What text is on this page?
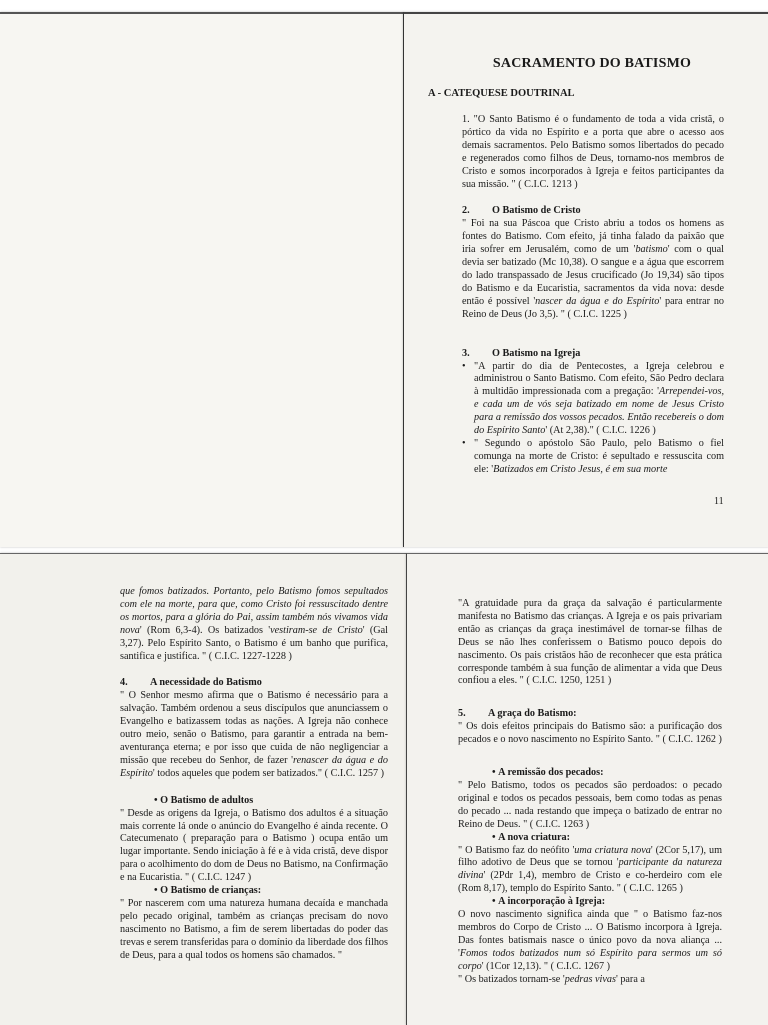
SACRAMENTO DO BATISMO
A - CATEQUESE DOUTRINAL

1. "O Santo Batismo é o fundamento de toda a vida cristã, o pórtico da vida no Espírito e a porta que abre o acesso aos demais sacramentos. Pelo Batismo somos libertados do pecado e regenerados como filhos de Deus, tornamo-nos membros de Cristo e somos incorporados à Igreja e feitos participantes da sua missão. " ( C.I.C. 1213 )

2. O Batismo de Cristo

" Foi na sua Páscoa que Cristo abriu a todos os homens as fontes do Batismo. Com efeito, já tinha falado da paixão que iria sofrer em Jerusalém, como de um 'batismo' com o qual devia ser batizado (Mc 10,38). O sangue e a água que escorrem do lado transpassado de Jesus crucificado (Jo 19,34) são tipos do Batismo e da Eucaristia, sacramentos da vida nova: desde então é possível 'nascer da água e do Espírito' para entrar no Reino de Deus (Jo 3,5). " ( C.I.C. 1225 )

3. O Batismo na Igreja

• "A partir do dia de Pentecostes, a Igreja celebrou e administrou o Santo Batismo. Com efeito, São Pedro declara à multidão impressionada com a pregação: 'Arrependei-vos, e cada um de vós seja batizado em nome de Jesus Cristo para a remissão dos vossos pecados. Então recebereis o dom do Espírito Santo' (At 2,38)." ( C.I.C. 1226 )
• " Segundo o apóstolo São Paulo, pelo Batismo o fiel comunga na morte de Cristo: é sepultado e ressuscita com ele: 'Batizados em Cristo Jesus, é em sua morte
11

que fomos batizados. Portanto, pelo Batismo fomos sepultados com ele na morte, para que, como Cristo foi ressuscitado dentre os mortos, para a glória do Pai, assim também nós vivamos vida nova' (Rom 6,3-4). Os batizados 'vestiram-se de Cristo' (Gal 3,27). Pelo Espírito Santo, o Batismo é um banho que purifica, santifica e justifica. " ( C.I.C. 1227-1228 )

4. A necessidade do Batismo

" O Senhor mesmo afirma que o Batismo é necessário para a salvação. Também ordenou a seus discípulos que anunciassem o Evangelho e batizassem todas as nações. A Igreja não conhece outro meio, senão o Batismo, para garantir a entrada na bem-aventurança eterna; e por isso que cuida de não negligenciar a missão que recebeu do Senhor, de fazer 'renascer da água e do Espírito' todos aqueles que podem ser batizados." ( C.I.C. 1257 )

• O Batismo de adultos

" Desde as origens da Igreja, o Batismo dos adultos é a situação mais corrente lá onde o anúncio do Evangelho é ainda recente. O Catecumenato ( preparação para o Batismo ) ocupa então um lugar importante. Sendo iniciação à fé e à vida cristã, deve dispor para o acolhimento do dom de Deus no Batismo, na Confirmação e na Eucaristia. " ( C.I.C. 1247 )

• O Batismo de crianças:

" Por nascerem com uma natureza humana decaída e manchada pelo pecado original, também as crianças precisam do novo nascimento no Batismo, a fim de serem libertadas do poder das trevas e serem transferidas para o domínio da liberdade dos filhos de Deus, para a qual todos os homens são chamados. "

"A gratuidade pura da graça da salvação é particularmente manifesta no Batismo das crianças. A Igreja e os pais privariam então as crianças da graça inestimável de tornar-se filhas de Deus se não lhes conferissem o Batismo pouco depois do nascimento. Os pais cristãos hão de reconhecer que esta prática corresponde também à sua função de alimentar a vida que Deus confiou a eles. " ( C.I.C. 1250, 1251 )

5. A graça do Batismo:

" Os dois efeitos principais do Batismo são: a purificação dos pecados e o novo nascimento no Espírito Santo. " ( C.I.C. 1262 )

• A remissão dos pecados:

" Pelo Batismo, todos os pecados são perdoados: o pecado original e todos os pecados pessoais, bem como todas as penas do pecado ... nada restando que impeça o batizado de entrar no Reino de Deus. " ( C.I.C. 1263 )

• A nova criatura:

" O Batismo faz do neófito 'uma criatura nova' (2Cor 5,17), um filho adotivo de Deus que se tornou 'participante da natureza divina' (2Pdr 1,4), membro de Cristo e co-herdeiro com ele (Rom 8,17), templo do Espírito Santo. " ( C.I.C. 1265 )

• A incorporação à Igreja:

O novo nascimento significa ainda que " o Batismo faz-nos membros do Corpo de Cristo ... O Batismo incorpora à Igreja. Das fontes batismais nasce o único povo da nova aliança ... 'Fomos todos batizados num só Espírito para sermos um só corpo' (1Cor 12,13). " ( C.I.C. 1267 )

" Os batizados tornam-se 'pedras vivas' para a
